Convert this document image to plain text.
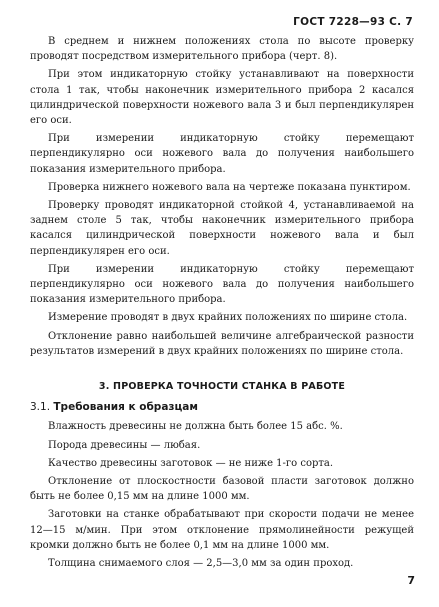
ГОСТ 7228—93 С. 7

В среднем и нижнем положениях стола по высоте проверку проводят посредством измерительного прибора (черт. 8).

При этом индикаторную стойку устанавливают на поверхности стола 1 так, чтобы наконечник измерительного прибора 2 касался цилиндрической поверхности ножевого вала 3 и был перпендикулярен его оси.

При измерении индикаторную стойку перемещают перпендикулярно оси ножевого вала до получения наибольшего показания измерительного прибора.

Проверка нижнего ножевого вала на чертеже показана пунктиром.

Проверку проводят индикаторной стойкой 4, устанавливаемой на заднем столе 5 так, чтобы наконечник измерительного прибора касался цилиндрической поверхности ножевого вала и был перпендикулярен его оси.

При измерении индикаторную стойку перемещают перпендикулярно оси ножевого вала до получения наибольшего показания измерительного прибора.

Измерение проводят в двух крайних положениях по ширине стола.

Отклонение равно наибольшей величине алгебраической разности результатов измерений в двух крайних положениях по ширине стола.

3. ПРОВЕРКА ТОЧНОСТИ СТАНКА В РАБОТЕ
3.1. Требования к образцам

Влажность древесины не должна быть более 15 абс. %.

Порода древесины — любая.

Качество древесины заготовок — не ниже 1-го сорта.

Отклонение от плоскостности базовой пласти заготовок должно быть не более 0,15 мм на длине 1000 мм.

Заготовки на станке обрабатывают при скорости подачи не менее 12—15 м/мин. При этом отклонение прямолинейности режущей кромки должно быть не более 0,1 мм на длине 1000 мм.

Толщина снимаемого слоя — 2,5—3,0 мм за один проход.

7
